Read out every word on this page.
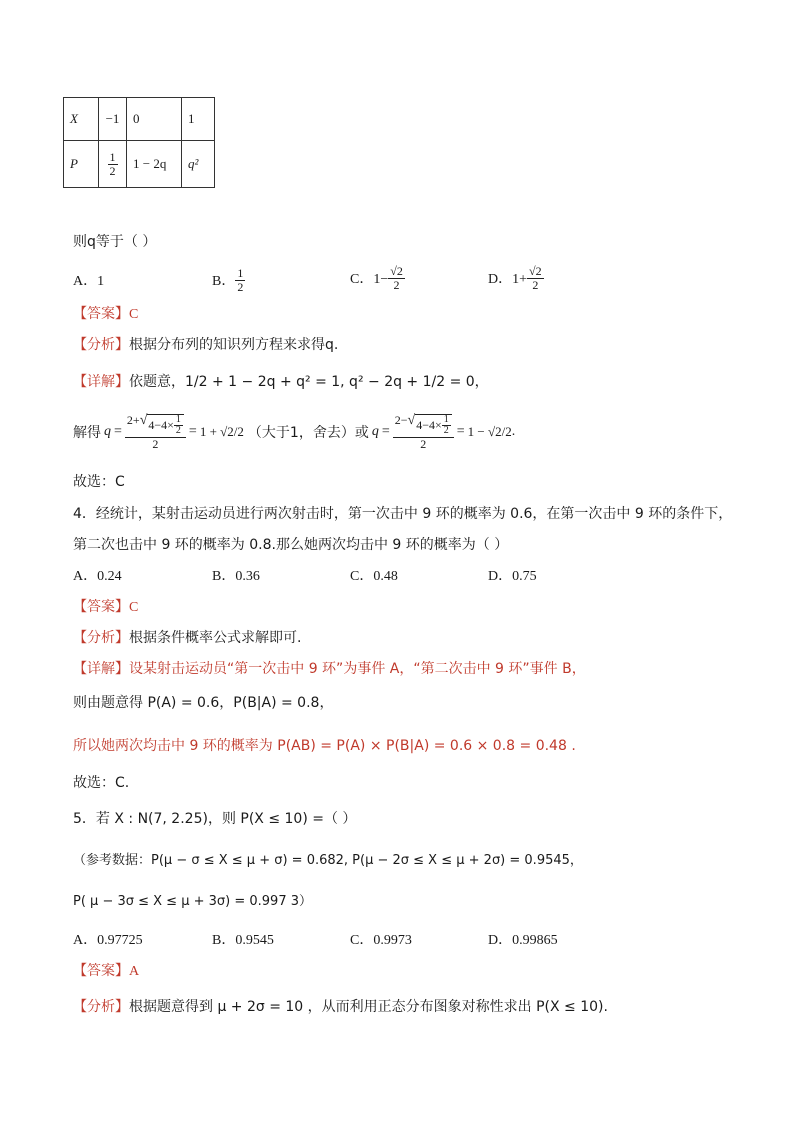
X	−1	0	1
P	$\frac{1}{2}$	1 − 2q	q²
则q等于（ ）
A．1	B． $\frac{1}{2}$	C．$1- \frac{√2}{2}$	D．$1+ \frac{√2}{2}$
【答案】C
【分析】根据分布列的知识列方程来求得q.
【详解】 依题意，1/2 + 1 − 2q + q² = 1, q² − 2q + 1/2 = 0，
解得 $q = \frac{2+ √ 4-4\times \frac{1}{2}}{2} = 1 + √2/2$ （大于1，舍去）或 $q = \frac{2- √ 4-4\times \frac{1}{2}}{2} = 1 - √2/2$ .
故选：C
4．经统计，某射击运动员进行两次射击时，第一次击中 9 环的概率为 0.6，在第一次击中 9 环的条件下，
第二次也击中 9 环的概率为 0.8.那么她两次均击中 9 环的概率为（ ）
A．0.24	B．0.36	C．0.48	D．0.75
【答案】C
【分析】根据条件概率公式求解即可.
【详解】设某射击运动员“第一次击中 9 环”为事件 A，“第二次击中 9 环”事件 B，
则由题意得 P(A) = 0.6，P(B|A) = 0.8，
所以她两次均击中 9 环的概率为 P(AB) = P(A) × P(B|A) = 0.6 × 0.8 = 0.48 .
故选：C.
5．若 X : N(7, 2.25)，则 P(X ≤ 10) =（ ）
（参考数据：P(μ − σ ≤ X ≤ μ + σ) = 0.682, P(μ − 2σ ≤ X ≤ μ + 2σ) = 0.9545，
P( μ − 3σ ≤ X ≤ μ + 3σ) = 0.997 3）
A．0.97725	B．0.9545	C．0.9973	D．0.99865
【答案】A
【分析】根据题意得到 μ + 2σ = 10 ，从而利用正态分布图象对称性求出 P(X ≤ 10).
